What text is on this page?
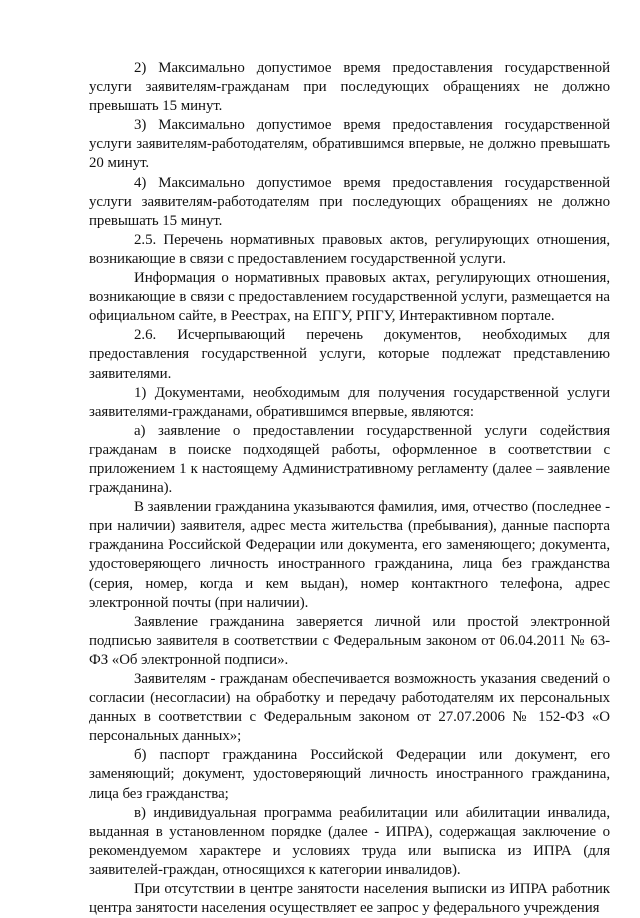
2) Максимально допустимое время предоставления государственной услуги заявителям-гражданам при последующих обращениях не должно превышать 15 минут.

3) Максимально допустимое время предоставления государственной услуги заявителям-работодателям, обратившимся впервые, не должно превышать 20 минут.

4) Максимально допустимое время предоставления государственной услуги заявителям-работодателям при последующих обращениях не должно превышать 15 минут.

2.5. Перечень нормативных правовых актов, регулирующих отношения, возникающие в связи с предоставлением государственной услуги.

Информация о нормативных правовых актах, регулирующих отношения, возникающие в связи с предоставлением государственной услуги, размещается на официальном сайте, в Реестрах, на ЕПГУ, РПГУ, Интерактивном портале.

2.6. Исчерпывающий перечень документов, необходимых для предоставления государственной услуги, которые подлежат представлению заявителями.

1) Документами, необходимым для получения государственной услуги заявителями-гражданами, обратившимся впервые, являются:

а) заявление о предоставлении государственной услуги содействия гражданам в поиске подходящей работы, оформленное в соответствии с приложением 1 к настоящему Административному регламенту (далее – заявление гражданина).

В заявлении гражданина указываются фамилия, имя, отчество (последнее - при наличии) заявителя, адрес места жительства (пребывания), данные паспорта гражданина Российской Федерации или документа, его заменяющего; документа, удостоверяющего личность иностранного гражданина, лица без гражданства (серия, номер, когда и кем выдан), номер контактного телефона, адрес электронной почты (при наличии).

Заявление гражданина заверяется личной или простой электронной подписью заявителя в соответствии с Федеральным законом от 06.04.2011 № 63-ФЗ «Об электронной подписи».

Заявителям - гражданам обеспечивается возможность указания сведений о согласии (несогласии) на обработку и передачу работодателям их персональных данных в соответствии с Федеральным законом от 27.07.2006 № 152-ФЗ «О персональных данных»;

б) паспорт гражданина Российской Федерации или документ, его заменяющий; документ, удостоверяющий личность иностранного гражданина, лица без гражданства;

в) индивидуальная программа реабилитации или абилитации инвалида, выданная в установленном порядке (далее - ИПРА), содержащая заключение о рекомендуемом характере и условиях труда или выписка из ИПРА (для заявителей-граждан, относящихся к категории инвалидов).

При отсутствии в центре занятости населения выписки из ИПРА работник центра занятости населения осуществляет ее запрос у федерального учреждения
